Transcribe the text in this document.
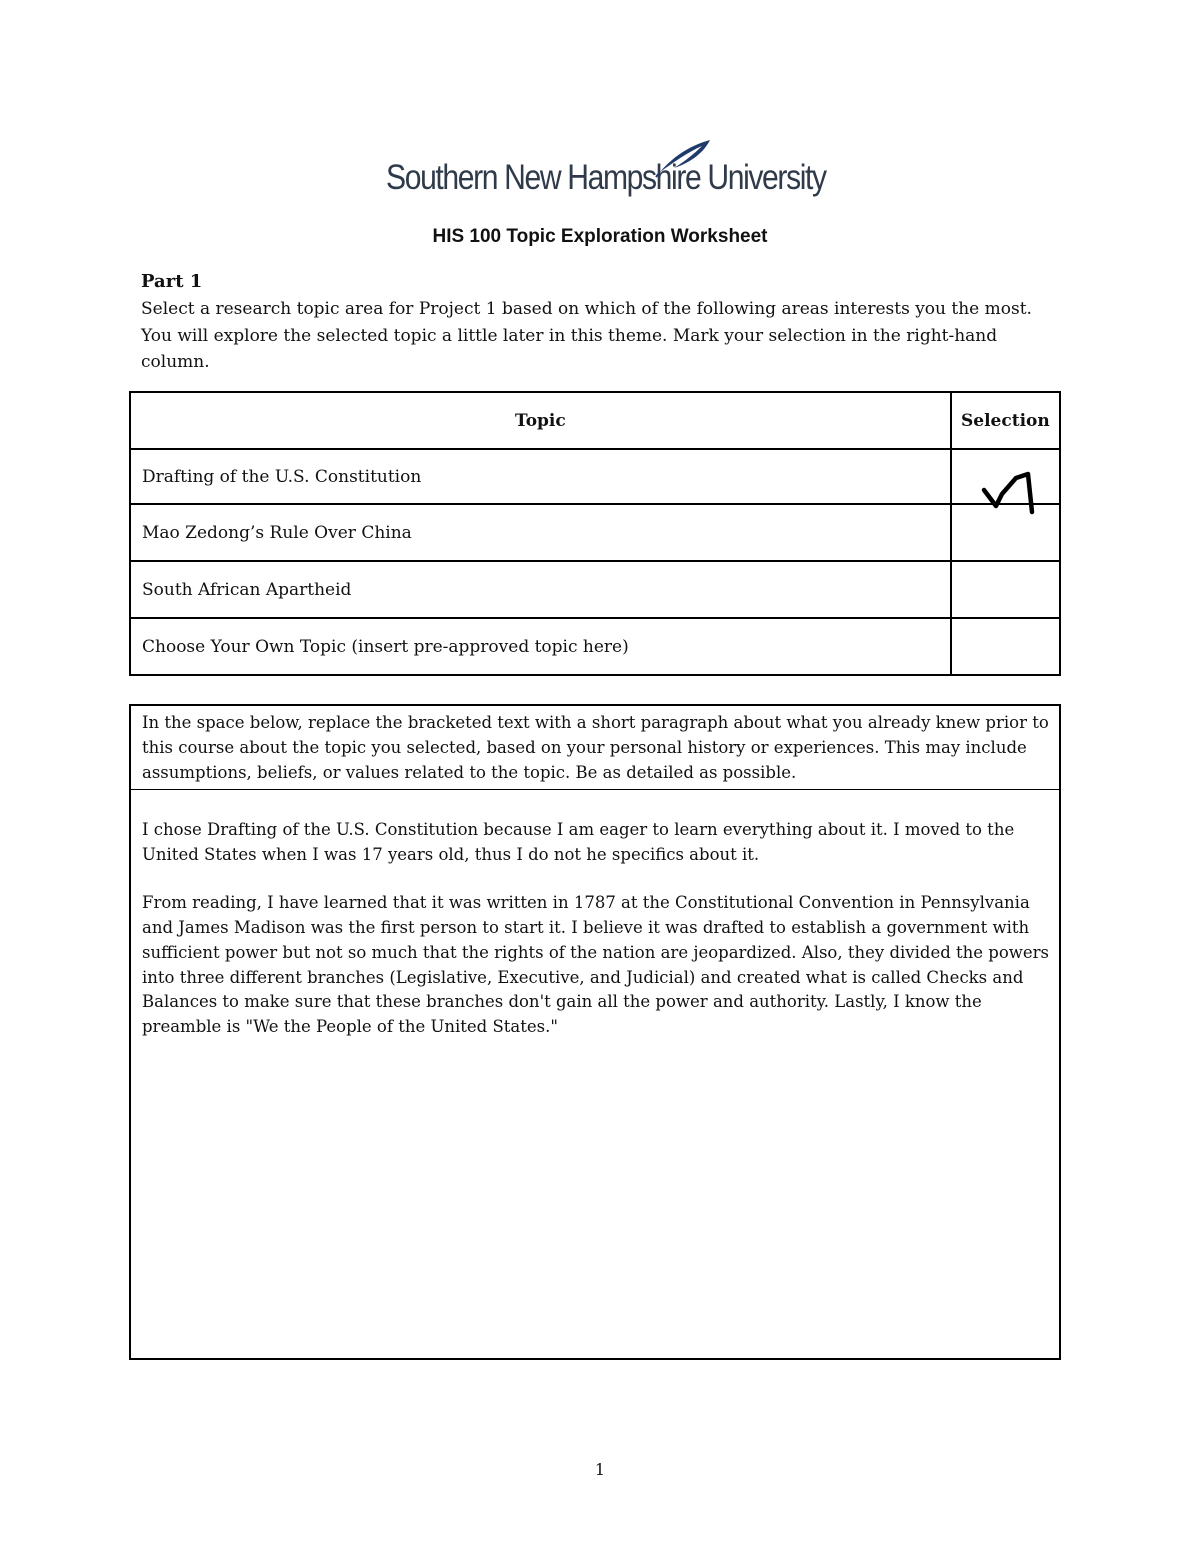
Southern New Hampshire University
HIS 100 Topic Exploration Worksheet
Part 1
Select a research topic area for Project 1 based on which of the following areas interests you the most. You will explore the selected topic a little later in this theme. Mark your selection in the right-hand column.
Topic	Selection
Drafting of the U.S. Constitution	

Mao Zedong’s Rule Over China	
South African Apartheid	
Choose Your Own Topic (insert pre-approved topic here)	
In the space below, replace the bracketed text with a short paragraph about what you already knew prior to this course about the topic you selected, based on your personal history or experiences. This may include assumptions, beliefs, or values related to the topic. Be as detailed as possible.

I chose Drafting of the U.S. Constitution because I am eager to learn everything about it. I moved to the United States when I was 17 years old, thus I do not he specifics about it.

From reading, I have learned that it was written in 1787 at the Constitutional Convention in Pennsylvania and James Madison was the first person to start it. I believe it was drafted to establish a government with sufficient power but not so much that the rights of the nation are jeopardized. Also, they divided the powers into three different branches (Legislative, Executive, and Judicial) and created what is called Checks and Balances to make sure that these branches don't gain all the power and authority. Lastly, I know the preamble is "We the People of the United States."

1
